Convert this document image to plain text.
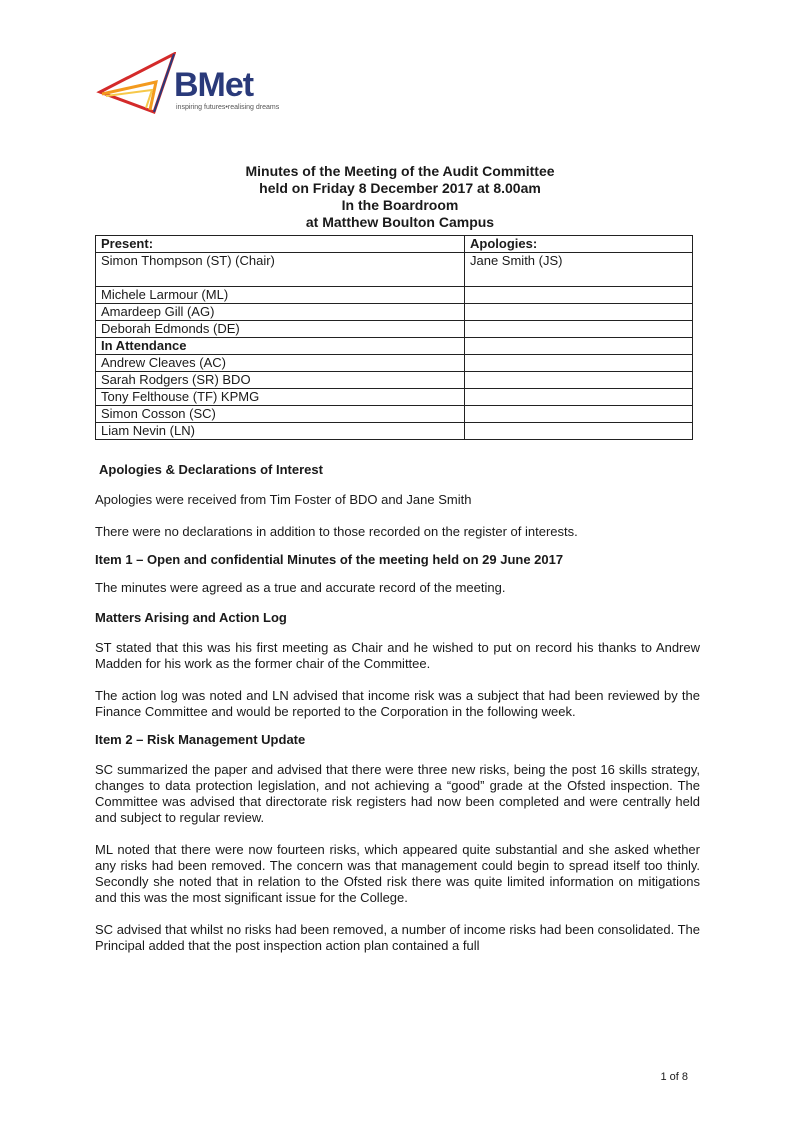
BMet
inspiring futures•realising dreams
Minutes of the Meeting of the Audit Committee
held on Friday 8 December 2017 at 8.00am
In the Boardroom
at Matthew Boulton Campus
Present:	Apologies:
Simon Thompson (ST) (Chair)	Jane Smith (JS)
Michele Larmour (ML)	
Amardeep Gill (AG)	
Deborah Edmonds (DE)	
In Attendance	
Andrew Cleaves (AC)	
Sarah Rodgers (SR) BDO	
Tony Felthouse (TF) KPMG	
Simon Cosson (SC)	
Liam Nevin (LN)	
Apologies & Declarations of Interest
Apologies were received from Tim Foster of BDO and Jane Smith
There were no declarations in addition to those recorded on the register of interests.
Item 1 – Open and confidential Minutes of the meeting held on 29 June 2017
The minutes were agreed as a true and accurate record of the meeting.
Matters Arising and Action Log
ST stated that this was his first meeting as Chair and he wished to put on record his thanks to Andrew Madden for his work as the former chair of the Committee.
The action log was noted and LN advised that income risk was a subject that had been reviewed by the Finance Committee and would be reported to the Corporation in the following week.
Item 2 – Risk Management Update
SC summarized the paper and advised that there were three new risks, being the post 16 skills strategy, changes to data protection legislation, and not achieving a “good” grade at the Ofsted inspection. The Committee was advised that directorate risk registers had now been completed and were centrally held and subject to regular review.
ML noted that there were now fourteen risks, which appeared quite substantial and she asked whether any risks had been removed. The concern was that management could begin to spread itself too thinly. Secondly she noted that in relation to the Ofsted risk there was quite limited information on mitigations and this was the most significant issue for the College.
SC advised that whilst no risks had been removed, a number of income risks had been consolidated. The Principal added that the post inspection action plan contained a full
1 of 8
